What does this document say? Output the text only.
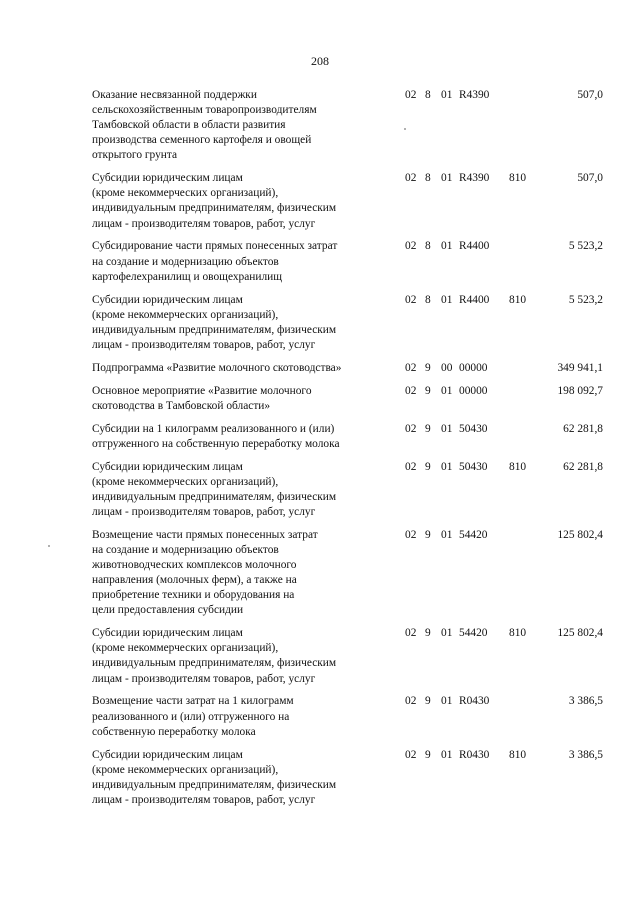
208
Оказание несвязанной поддержки
сельскохозяйственным товаропроизводителям
Тамбовской области в области развития
производства семенного картофеля и овощей
открытого грунта
02 8 01 R4390	507,0
Субсидии юридическим лицам
(кроме некоммерческих организаций),
индивидуальным предпринимателям, физическим
лицам - производителям товаров, работ, услуг
02 8 01 R4390 810	507,0
Субсидирование части прямых понесенных затрат
на создание и модернизацию объектов
картофелехранилищ и овощехранилищ
02 8 01 R4400	5 523,2
Субсидии юридическим лицам
(кроме некоммерческих организаций),
индивидуальным предпринимателям, физическим
лицам - производителям товаров, работ, услуг
02 8 01 R4400 810	5 523,2
Подпрограмма «Развитие молочного скотоводства»	02 9 00 00000	349 941,1
Основное мероприятие «Развитие молочного
скотоводства в Тамбовской области»
02 9 01 00000	198 092,7
Субсидии на 1 килограмм реализованного и (или)
отгруженного на собственную переработку молока
02 9 01 50430	62 281,8
Субсидии юридическим лицам
(кроме некоммерческих организаций),
индивидуальным предпринимателям, физическим
лицам - производителям товаров, работ, услуг
02 9 01 50430 810	62 281,8
Возмещение части прямых понесенных затрат
на создание и модернизацию объектов
животноводческих комплексов молочного
направления (молочных ферм), а также на
приобретение техники и оборудования на
цели предоставления субсидии
02 9 01 54420	125 802,4
Субсидии юридическим лицам
(кроме некоммерческих организаций),
индивидуальным предпринимателям, физическим
лицам - производителям товаров, работ, услуг
02 9 01 54420 810	125 802,4
Возмещение части затрат на 1 килограмм
реализованного и (или) отгруженного на
собственную переработку молока
02 9 01 R0430	3 386,5
Субсидии юридическим лицам
(кроме некоммерческих организаций),
индивидуальным предпринимателям, физическим
лицам - производителям товаров, работ, услуг
02 9 01 R0430 810	3 386,5
